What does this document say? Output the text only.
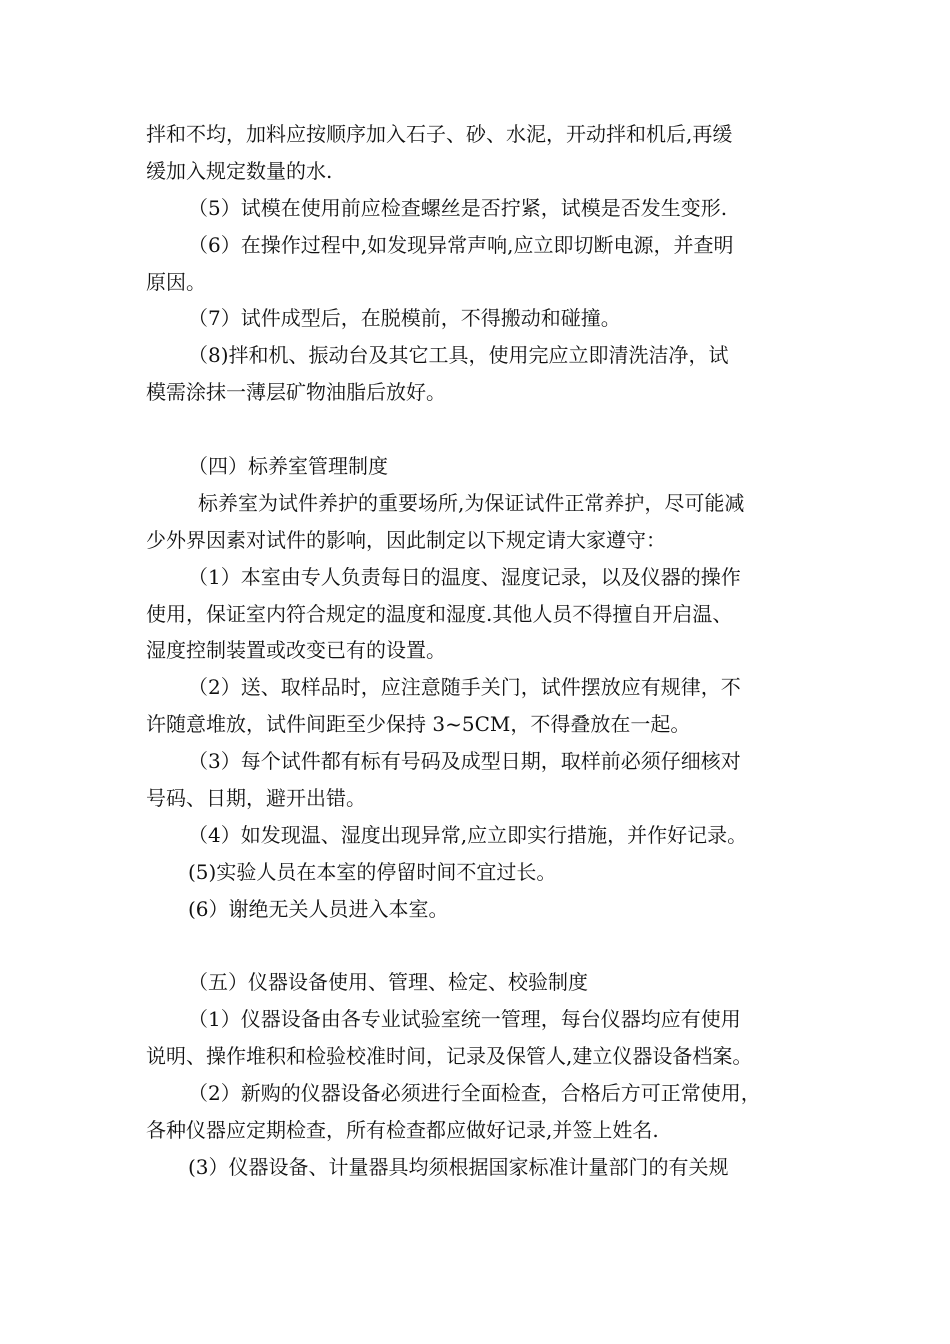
拌和不均，加料应按顺序加入石子、砂、水泥，开动拌和机后,再缓
缓加入规定数量的水.
（5）试模在使用前应检查螺丝是否拧紧，试模是否发生变形.
（6）在操作过程中,如发现异常声响,应立即切断电源，并查明
原因。
（7）试件成型后，在脱模前，不得搬动和碰撞。
（8)拌和机、振动台及其它工具，使用完应立即清洗洁净，试
模需涂抹一薄层矿物油脂后放好。
（四）标养室管理制度
标养室为试件养护的重要场所,为保证试件正常养护，尽可能减
少外界因素对试件的影响，因此制定以下规定请大家遵守：
（1）本室由专人负责每日的温度、湿度记录，以及仪器的操作
使用，保证室内符合规定的温度和湿度.其他人员不得擅自开启温、
湿度控制装置或改变已有的设置。
（2）送、取样品时，应注意随手关门，试件摆放应有规律，不
许随意堆放，试件间距至少保持 3~5CM，不得叠放在一起。
（3）每个试件都有标有号码及成型日期，取样前必须仔细核对
号码、日期，避开出错。
（4）如发现温、湿度出现异常,应立即实行措施，并作好记录。
(5)实验人员在本室的停留时间不宜过长。
(6）谢绝无关人员进入本室。
（五）仪器设备使用、管理、检定、校验制度
（1）仪器设备由各专业试验室统一管理，每台仪器均应有使用
说明、操作堆积和检验校准时间，记录及保管人,建立仪器设备档案。
（2）新购的仪器设备必须进行全面检查，合格后方可正常使用，
各种仪器应定期检查，所有检查都应做好记录,并签上姓名.
(3）仪器设备、计量器具均须根据国家标准计量部门的有关规
